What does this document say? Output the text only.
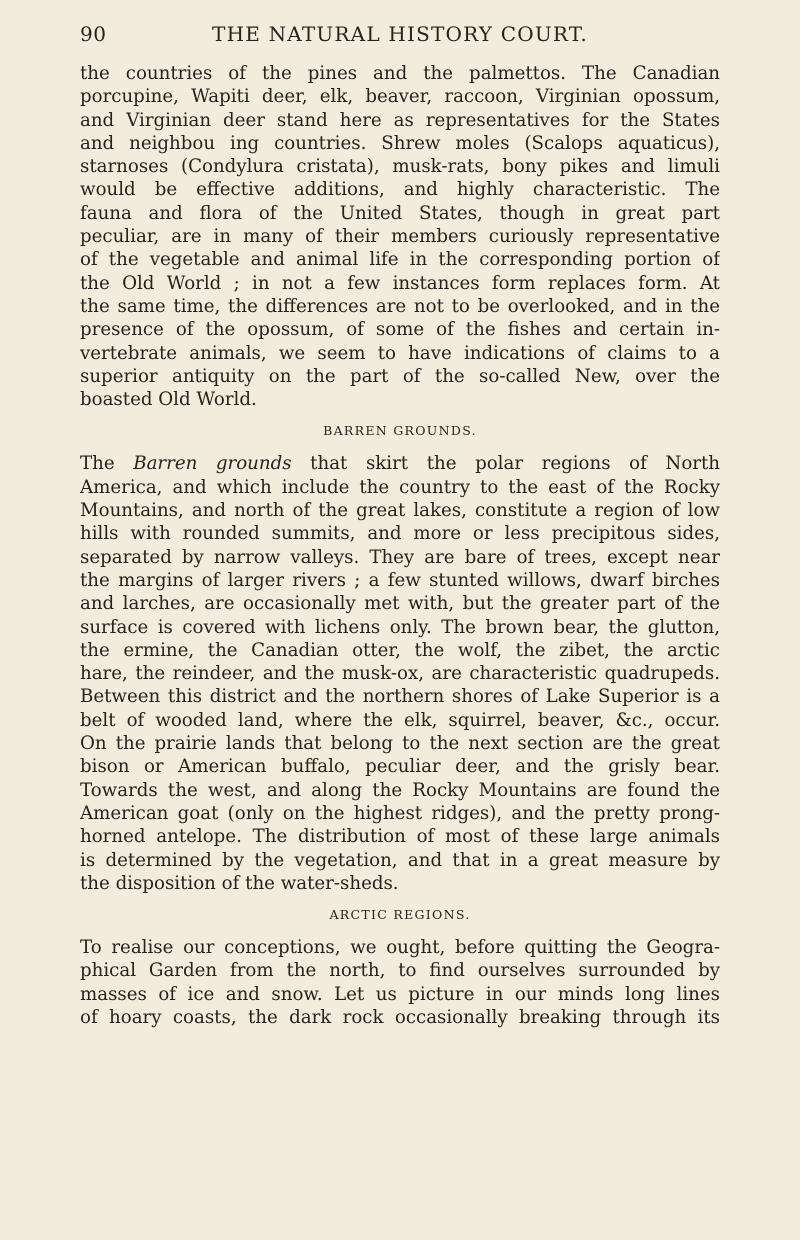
90	THE NATURAL HISTORY COURT.
the countries of the pines and the palmettos. The Canadian
porcupine, Wapiti deer, elk, beaver, raccoon, Virginian opossum,
and Virginian deer stand here as representatives for the States
and neighbou ing countries. Shrew moles (Scalops aquaticus),
starnoses (Condylura cristata), musk-rats, bony pikes and limuli
would be effective additions, and highly characteristic. The
fauna and flora of the United States, though in great part
peculiar, are in many of their members curiously representative
of the vegetable and animal life in the corresponding portion of
the Old World ; in not a few instances form replaces form. At
the same time, the differences are not to be overlooked, and in the
presence of the opossum, of some of the fishes and certain in-
vertebrate animals, we seem to have indications of claims to a
superior antiquity on the part of the so-called New, over the
boasted Old World.
BARREN GROUNDS.
The Barren grounds that skirt the polar regions of North
America, and which include the country to the east of the Rocky
Mountains, and north of the great lakes, constitute a region of low
hills with rounded summits, and more or less precipitous sides,
separated by narrow valleys. They are bare of trees, except near
the margins of larger rivers ; a few stunted willows, dwarf birches
and larches, are occasionally met with, but the greater part of the
surface is covered with lichens only. The brown bear, the glutton,
the ermine, the Canadian otter, the wolf, the zibet, the arctic
hare, the reindeer, and the musk-ox, are characteristic quadrupeds.
Between this district and the northern shores of Lake Superior is a
belt of wooded land, where the elk, squirrel, beaver, &c., occur.
On the prairie lands that belong to the next section are the great
bison or American buffalo, peculiar deer, and the grisly bear.
Towards the west, and along the Rocky Mountains are found the
American goat (only on the highest ridges), and the pretty prong-
horned antelope. The distribution of most of these large animals
is determined by the vegetation, and that in a great measure by
the disposition of the water-sheds.
ARCTIC REGIONS.
To realise our conceptions, we ought, before quitting the Geogra-
phical Garden from the north, to find ourselves surrounded by
masses of ice and snow. Let us picture in our minds long lines
of hoary coasts, the dark rock occasionally breaking through its
